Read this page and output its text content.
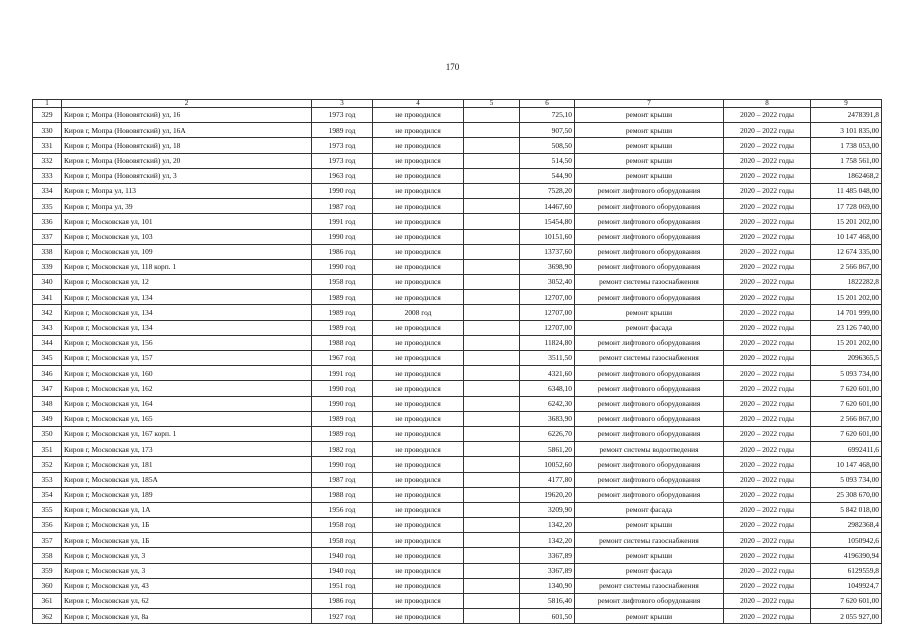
170
1	2	3	4	5	6	7	8	9
329	Киров г, Мопра (Нововятский) ул, 16	1973 год	не проводился		725,10	ремонт крыши	2020 – 2022 годы	2478391,8
330	Киров г, Мопра (Нововятский) ул, 16А	1989 год	не проводился		907,50	ремонт крыши	2020 – 2022 годы	3 101 835,00
331	Киров г, Мопра (Нововятский) ул, 18	1973 год	не проводился		508,50	ремонт крыши	2020 – 2022 годы	1 738 053,00
332	Киров г, Мопра (Нововятский) ул, 20	1973 год	не проводился		514,50	ремонт крыши	2020 – 2022 годы	1 758 561,00
333	Киров г, Мопра (Нововятский) ул, 3	1963 год	не проводился		544,90	ремонт крыши	2020 – 2022 годы	1862468,2
334	Киров г, Мопра ул, 113	1990 год	не проводился		7528,20	ремонт лифтового оборудования	2020 – 2022 годы	11 485 048,00
335	Киров г, Мопра ул, 39	1987 год	не проводился		14467,60	ремонт лифтового оборудования	2020 – 2022 годы	17 728 069,00
336	Киров г, Московская ул, 101	1991 год	не проводился		15454,80	ремонт лифтового оборудования	2020 – 2022 годы	15 201 202,00
337	Киров г, Московская ул, 103	1990 год	не проводился		10151,60	ремонт лифтового оборудования	2020 – 2022 годы	10 147 468,00
338	Киров г, Московская ул, 109	1986 год	не проводился		13737,60	ремонт лифтового оборудования	2020 – 2022 годы	12 674 335,00
339	Киров г, Московская ул, 118 корп. 1	1990 год	не проводился		3698,90	ремонт лифтового оборудования	2020 – 2022 годы	2 566 867,00
340	Киров г, Московская ул, 12	1958 год	не проводился		3052,40	ремонт системы газоснабжения	2020 – 2022 годы	1822282,8
341	Киров г, Московская ул, 134	1989 год	не проводился		12707,00	ремонт лифтового оборудования	2020 – 2022 годы	15 201 202,00
342	Киров г, Московская ул, 134	1989 год	2008 год		12707,00	ремонт крыши	2020 – 2022 годы	14 701 999,00
343	Киров г, Московская ул, 134	1989 год	не проводился		12707,00	ремонт фасада	2020 – 2022 годы	23 126 740,00
344	Киров г, Московская ул, 156	1988 год	не проводился		11824,80	ремонт лифтового оборудования	2020 – 2022 годы	15 201 202,00
345	Киров г, Московская ул, 157	1967 год	не проводился		3511,50	ремонт системы газоснабжения	2020 – 2022 годы	2096365,5
346	Киров г, Московская ул, 160	1991 год	не проводился		4321,60	ремонт лифтового оборудования	2020 – 2022 годы	5 093 734,00
347	Киров г, Московская ул, 162	1990 год	не проводился		6348,10	ремонт лифтового оборудования	2020 – 2022 годы	7 620 601,00
348	Киров г, Московская ул, 164	1990 год	не проводился		6242,30	ремонт лифтового оборудования	2020 – 2022 годы	7 620 601,00
349	Киров г, Московская ул, 165	1989 год	не проводился		3683,90	ремонт лифтового оборудования	2020 – 2022 годы	2 566 867,00
350	Киров г, Московская ул, 167 корп. 1	1989 год	не проводился		6226,70	ремонт лифтового оборудования	2020 – 2022 годы	7 620 601,00
351	Киров г, Московская ул, 173	1982 год	не проводился		5861,20	ремонт системы водоотведения	2020 – 2022 годы	6992411,6
352	Киров г, Московская ул, 181	1990 год	не проводился		10052,60	ремонт лифтового оборудования	2020 – 2022 годы	10 147 468,00
353	Киров г, Московская ул, 185А	1987 год	не проводился		4177,80	ремонт лифтового оборудования	2020 – 2022 годы	5 093 734,00
354	Киров г, Московская ул, 189	1988 год	не проводился		19620,20	ремонт лифтового оборудования	2020 – 2022 годы	25 308 670,00
355	Киров г, Московская ул, 1А	1956 год	не проводился		3209,90	ремонт фасада	2020 – 2022 годы	5 842 018,00
356	Киров г, Московская ул, 1Б	1958 год	не проводился		1342,20	ремонт крыши	2020 – 2022 годы	2982368,4
357	Киров г, Московская ул, 1Б	1958 год	не проводился		1342,20	ремонт системы газоснабжения	2020 – 2022 годы	1050942,6
358	Киров г, Московская ул, 3	1940 год	не проводился		3367,89	ремонт крыши	2020 – 2022 годы	4196390,94
359	Киров г, Московская ул, 3	1940 год	не проводился		3367,89	ремонт фасада	2020 – 2022 годы	6129559,8
360	Киров г, Московская ул, 43	1951 год	не проводился		1340,90	ремонт системы газоснабжения	2020 – 2022 годы	1049924,7
361	Киров г, Московская ул, 62	1986 год	не проводился		5816,40	ремонт лифтового оборудования	2020 – 2022 годы	7 620 601,00
362	Киров г, Московская ул, 8а	1927 год	не проводился		601,50	ремонт крыши	2020 – 2022 годы	2 055 927,00
